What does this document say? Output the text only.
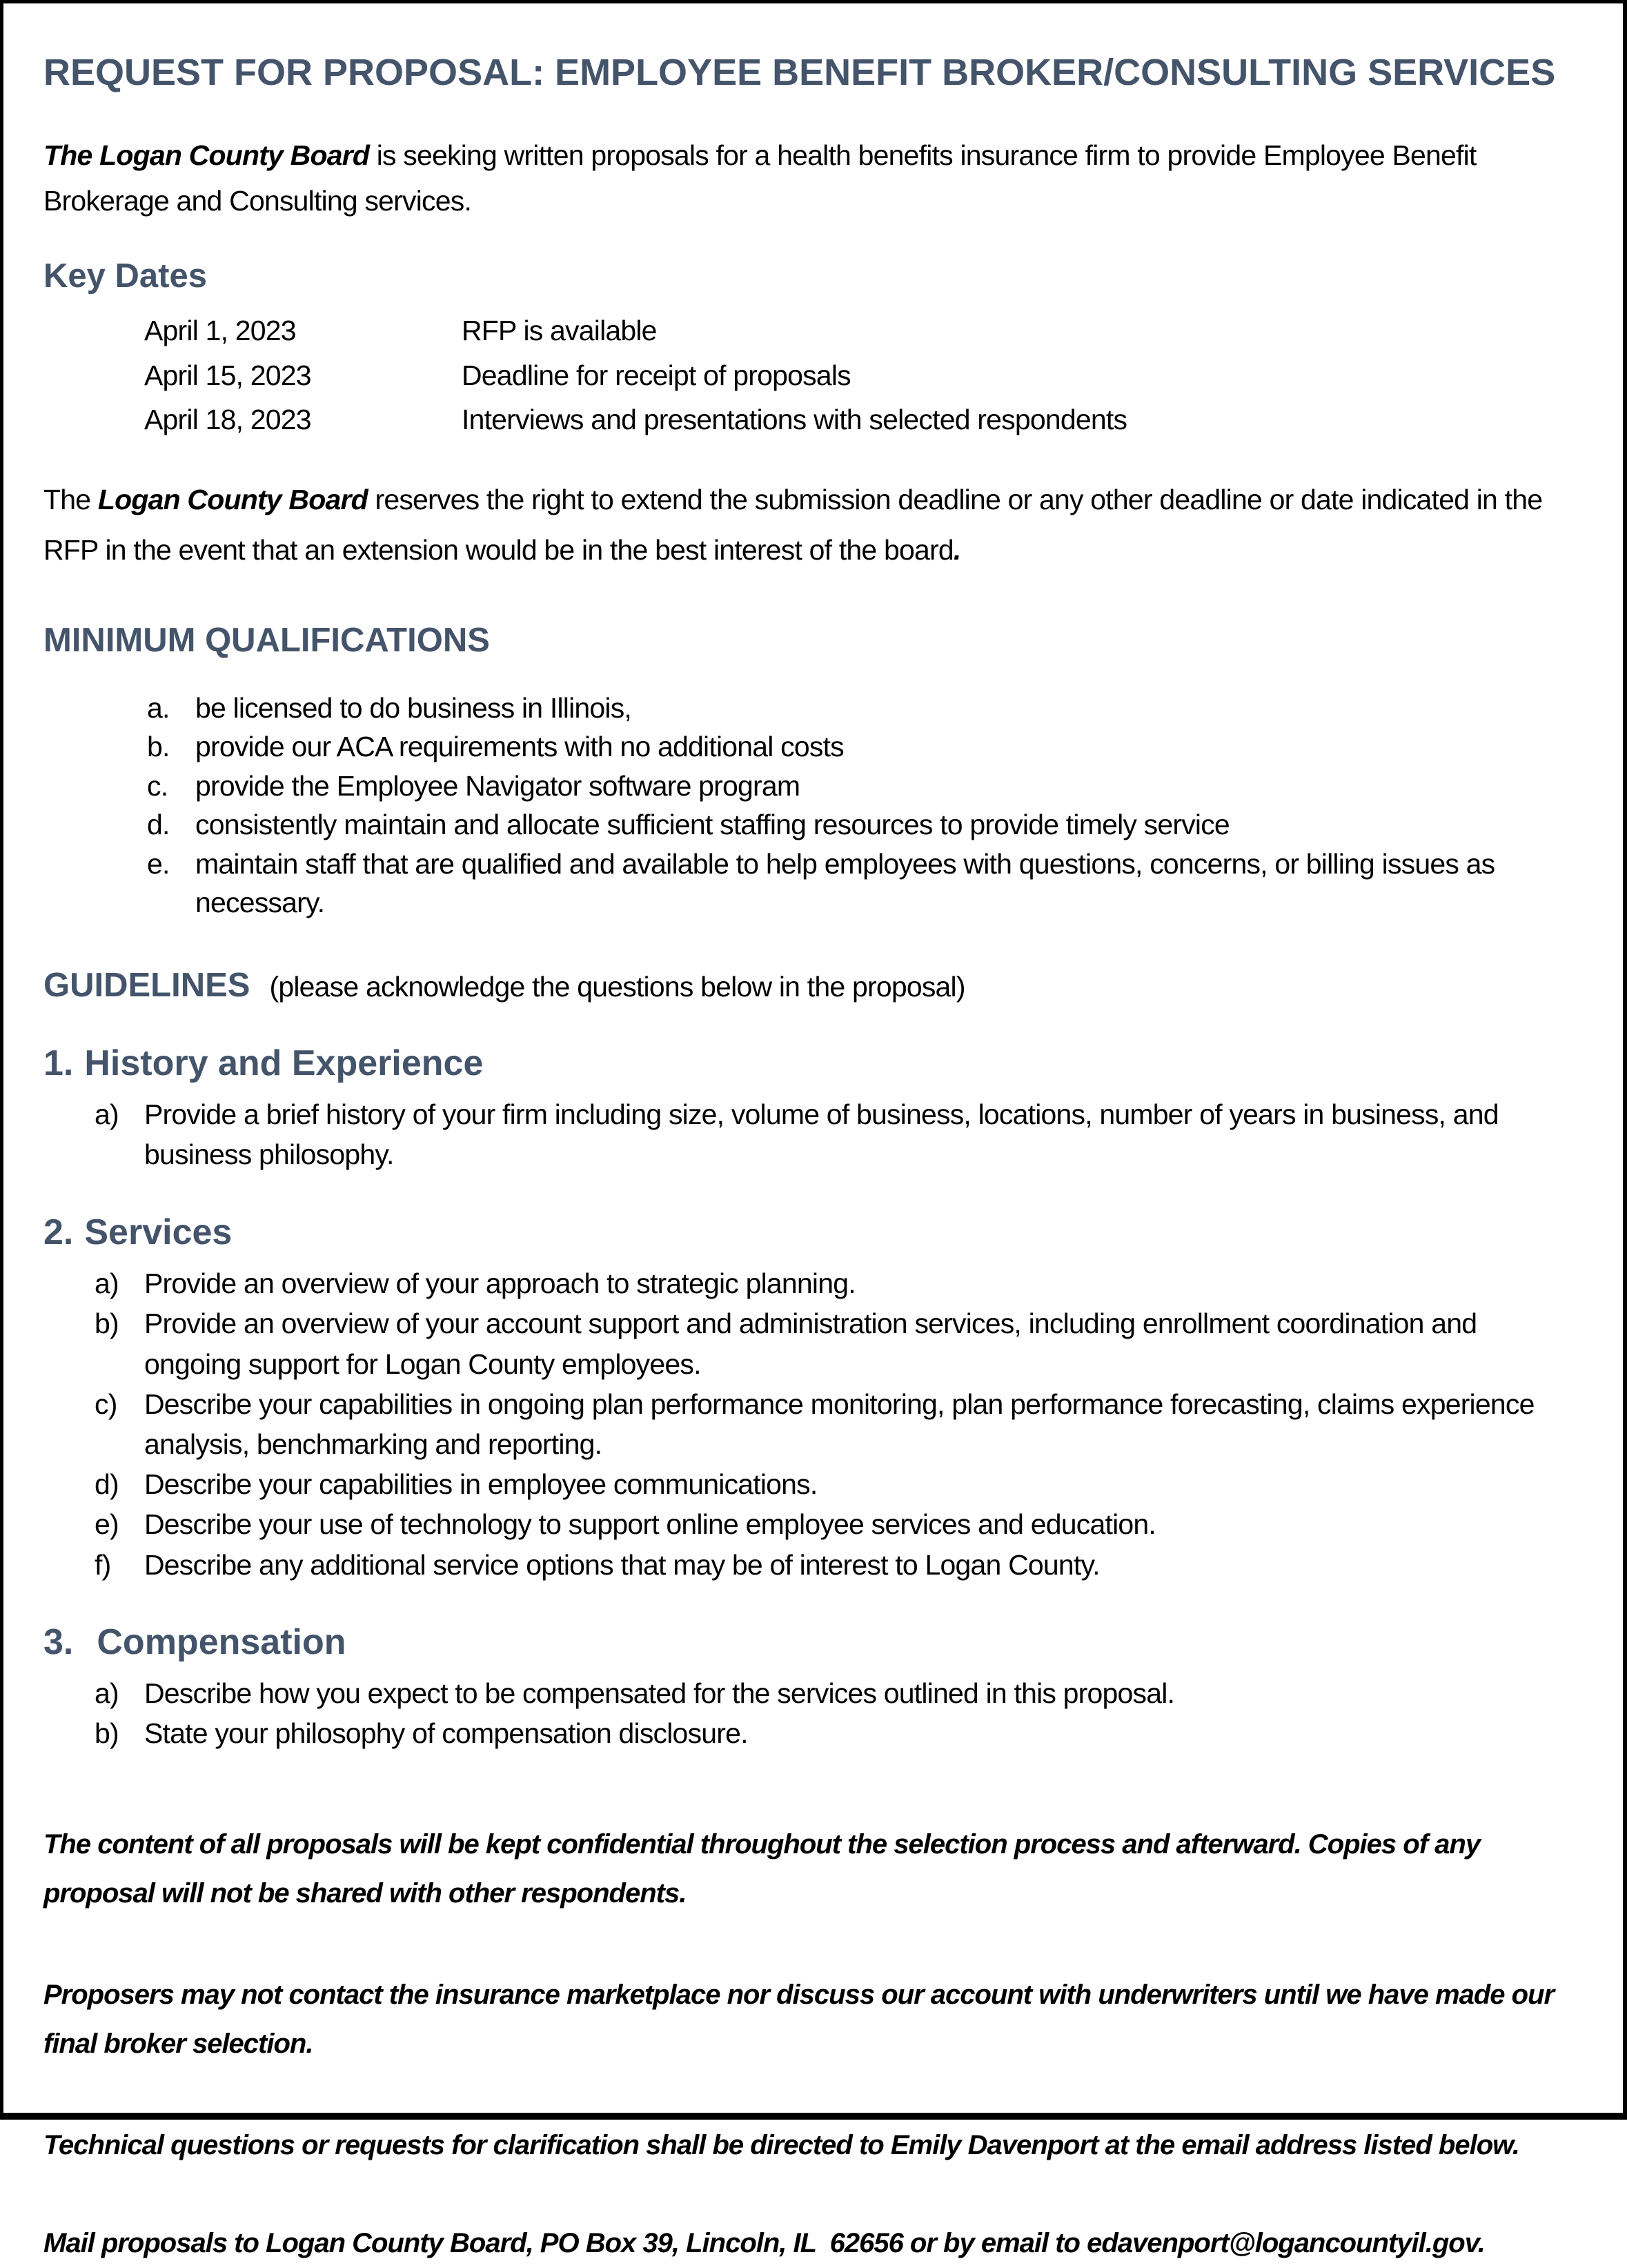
REQUEST FOR PROPOSAL: EMPLOYEE BENEFIT BROKER/CONSULTING SERVICES

The Logan County Board is seeking written proposals for a health benefits insurance firm to provide Employee Benefit Brokerage and Consulting services.

Key Dates
April 1, 2023	RFP is available
April 15, 2023	Deadline for receipt of proposals
April 18, 2023	Interviews and presentations with selected respondents

The Logan County Board reserves the right to extend the submission deadline or any other deadline or date indicated in the RFP in the event that an extension would be in the best interest of the board.

MINIMUM QUALIFICATIONS
a. be licensed to do business in Illinois,
b. provide our ACA requirements with no additional costs
c. provide the Employee Navigator software program
d. consistently maintain and allocate sufficient staffing resources to provide timely service
e. maintain staff that are qualified and available to help employees with questions, concerns, or billing issues as necessary.
GUIDELINES (please acknowledge the questions below in the proposal)
1. History and Experience
a) Provide a brief history of your firm including size, volume of business, locations, number of years in business, and business philosophy.
2. Services
a) Provide an overview of your approach to strategic planning.
b) Provide an overview of your account support and administration services, including enrollment coordination and ongoing support for Logan County employees.
c) Describe your capabilities in ongoing plan performance monitoring, plan performance forecasting, claims experience analysis, benchmarking and reporting.
d) Describe your capabilities in employee communications.
e) Describe your use of technology to support online employee services and education.
f)	Describe any additional service options that may be of interest to Logan County.
3. Compensation
a) Describe how you expect to be compensated for the services outlined in this proposal.
b) State your philosophy of compensation disclosure.

The content of all proposals will be kept confidential throughout the selection process and afterward. Copies of any proposal will not be shared with other respondents.

Proposers may not contact the insurance marketplace nor discuss our account with underwriters until we have made our final broker selection.

Technical questions or requests for clarification shall be directed to Emily Davenport at the email address listed below.

Mail proposals to Logan County Board, PO Box 39, Lincoln, IL  62656 or by email to edavenport@logancountyil.gov.
